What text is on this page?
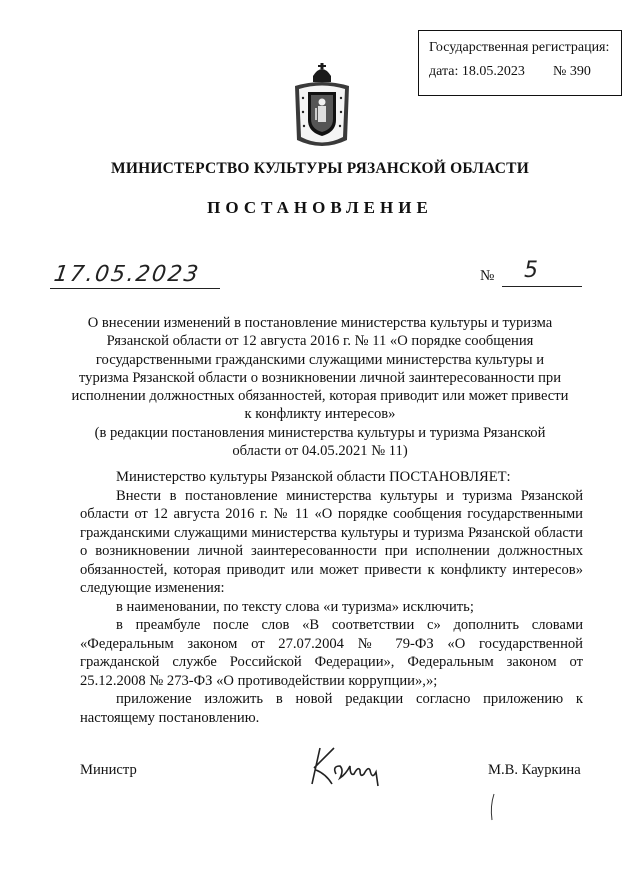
Государственная регистрация:
дата: 18.05.2023 № 390
МИНИСТЕРСТВО КУЛЬТУРЫ РЯЗАНСКОЙ ОБЛАСТИ
ПОСТАНОВЛЕНИЕ
17.05.2023	№ 5

О внесении изменений в постановление министерства культуры и туризма Рязанской области от 12 августа 2016 г. № 11 «О порядке сообщения государственными гражданскими служащими министерства культуры и туризма Рязанской области о возникновении личной заинтересованности при исполнении должностных обязанностей, которая приводит или может привести к конфликту интересов»

(в редакции постановления министерства культуры и туризма Рязанской области от 04.05.2021 № 11)

Министерство культуры Рязанской области ПОСТАНОВЛЯЕТ:

Внести в постановление министерства культуры и туризма Рязанской области от 12 августа 2016 г. № 11 «О порядке сообщения государственными гражданскими служащими министерства культуры и туризма Рязанской области о возникновении личной заинтересованности при исполнении должностных обязанностей, которая приводит или может привести к конфликту интересов» следующие изменения:

в наименовании, по тексту слова «и туризма» исключить;

в преамбуле после слов «В соответствии с» дополнить словами «Федеральным законом от 27.07.2004 № 79-ФЗ «О государственной гражданской службе Российской Федерации», Федеральным законом от 25.12.2008 № 273-ФЗ «О противодействии коррупции»,»;

приложение изложить в новой редакции согласно приложению к настоящему постановлению.

Министр	М.В. Кауркина
